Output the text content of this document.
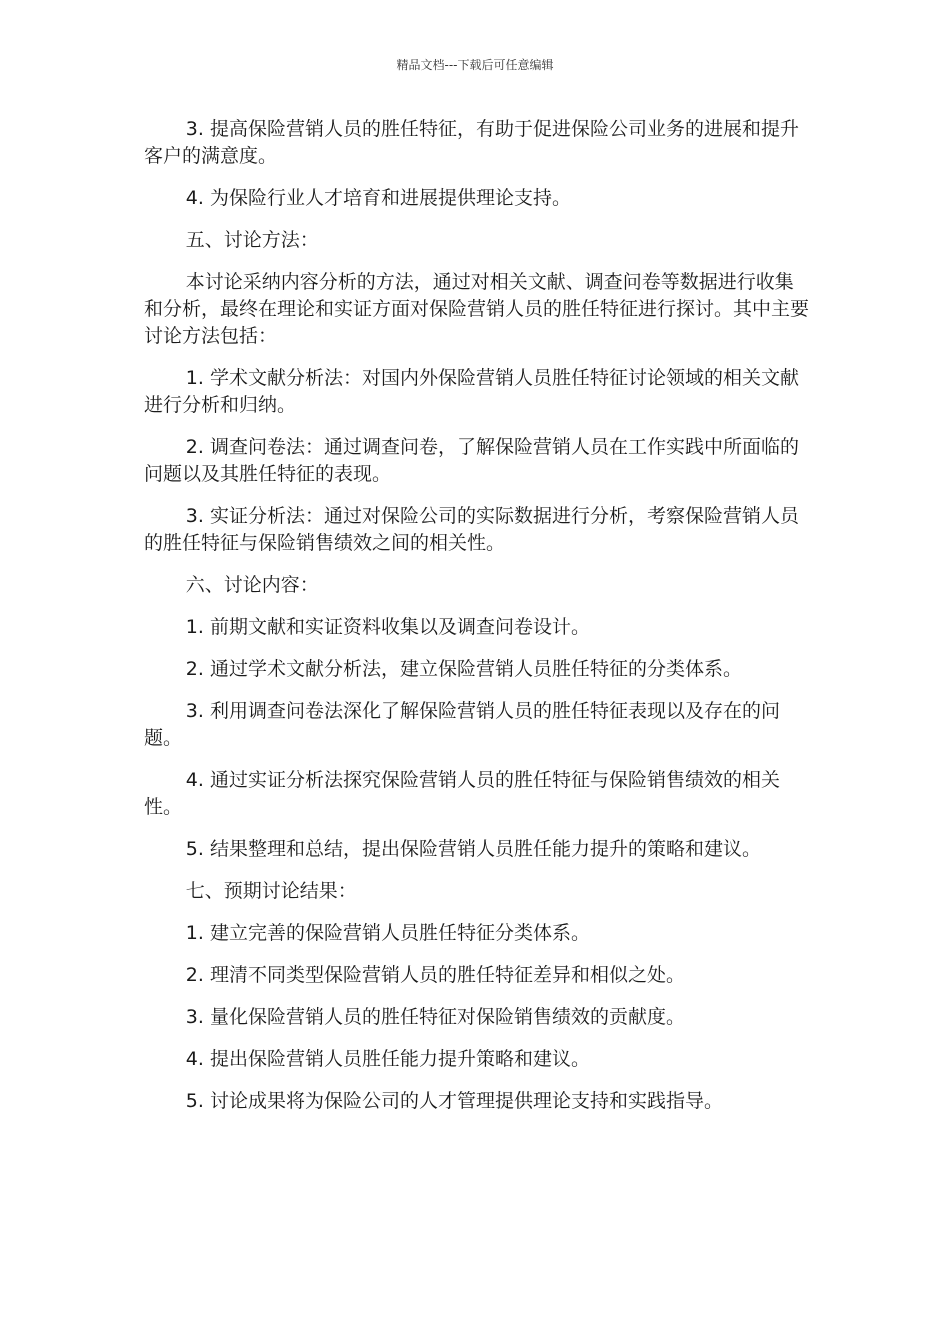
精品文档---下载后可任意编辑

3. 提高保险营销人员的胜任特征，有助于促进保险公司业务的进展和提升客户的满意度。

4. 为保险行业人才培育和进展提供理论支持。

五、讨论方法：

本讨论采纳内容分析的方法，通过对相关文献、调查问卷等数据进行收集和分析，最终在理论和实证方面对保险营销人员的胜任特征进行探讨。其中主要讨论方法包括：

1. 学术文献分析法：对国内外保险营销人员胜任特征讨论领域的相关文献进行分析和归纳。

2. 调查问卷法：通过调查问卷，了解保险营销人员在工作实践中所面临的问题以及其胜任特征的表现。

3. 实证分析法：通过对保险公司的实际数据进行分析，考察保险营销人员的胜任特征与保险销售绩效之间的相关性。

六、讨论内容：

1. 前期文献和实证资料收集以及调查问卷设计。

2. 通过学术文献分析法，建立保险营销人员胜任特征的分类体系。

3. 利用调查问卷法深化了解保险营销人员的胜任特征表现以及存在的问题。

4. 通过实证分析法探究保险营销人员的胜任特征与保险销售绩效的相关性。

5. 结果整理和总结，提出保险营销人员胜任能力提升的策略和建议。

七、预期讨论结果：

1. 建立完善的保险营销人员胜任特征分类体系。

2. 理清不同类型保险营销人员的胜任特征差异和相似之处。

3. 量化保险营销人员的胜任特征对保险销售绩效的贡献度。

4. 提出保险营销人员胜任能力提升策略和建议。

5. 讨论成果将为保险公司的人才管理提供理论支持和实践指导。
